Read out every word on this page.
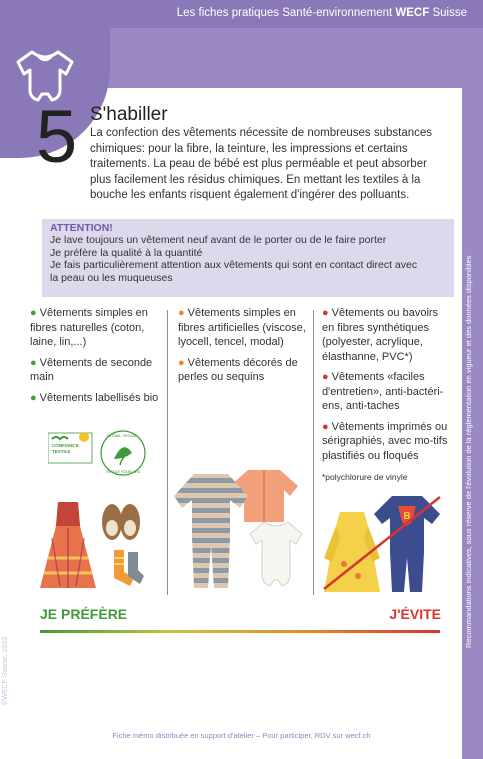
Les fiches pratiques Santé-environnement WECF Suisse
Recommandations indicatives, sous réserve de l'évolution de la réglementation en vigueur et des données disponibles
©WECF Suisse, 2023
5 S'habiller
La confection des vêtements nécessite de nombreuses substances chimiques: pour la fibre, la teinture, les impressions et certains traitements. La peau de bébé est plus perméable et peut absorber plus facilement les résidus chimiques. En mettant les textiles à la bouche les enfants risquent également d'ingérer des polluants.
ATTENTION!
Je lave toujours un vêtement neuf avant de le porter ou de le faire porter
Je préfère la qualité à la quantité
Je fais particulièrement attention aux vêtements qui sont en contact direct avec
la peau ou les muqueuses
● Vêtements simples en fibres naturelles (coton, laine, lin,...)
● Vêtements de seconde main
● Vêtements labellisés bio
● Vêtements simples en fibres artificielles (viscose, lyocell, tencel, modal)
● Vêtements décorés de perles ou sequins
● Vêtements ou bavoirs en fibres synthétiques (polyester, acrylique, élasthanne, PVC*)
● Vêtements «faciles d'entretien», anti-bactéri-ens, anti-taches
● Vêtements imprimés ou sérigraphiés, avec mo-tifs plastifiés ou floqués
*polychlorure de vinyle
CONFIANCE
TEXTILE
GLOBAL ORGANIC
TEXTILE STANDARD
B
JE PRÉFÈRE	J'ÉVITE
Fiche mémo distribuée en support d'atelier – Pour participer, RDV sur wecf.ch
